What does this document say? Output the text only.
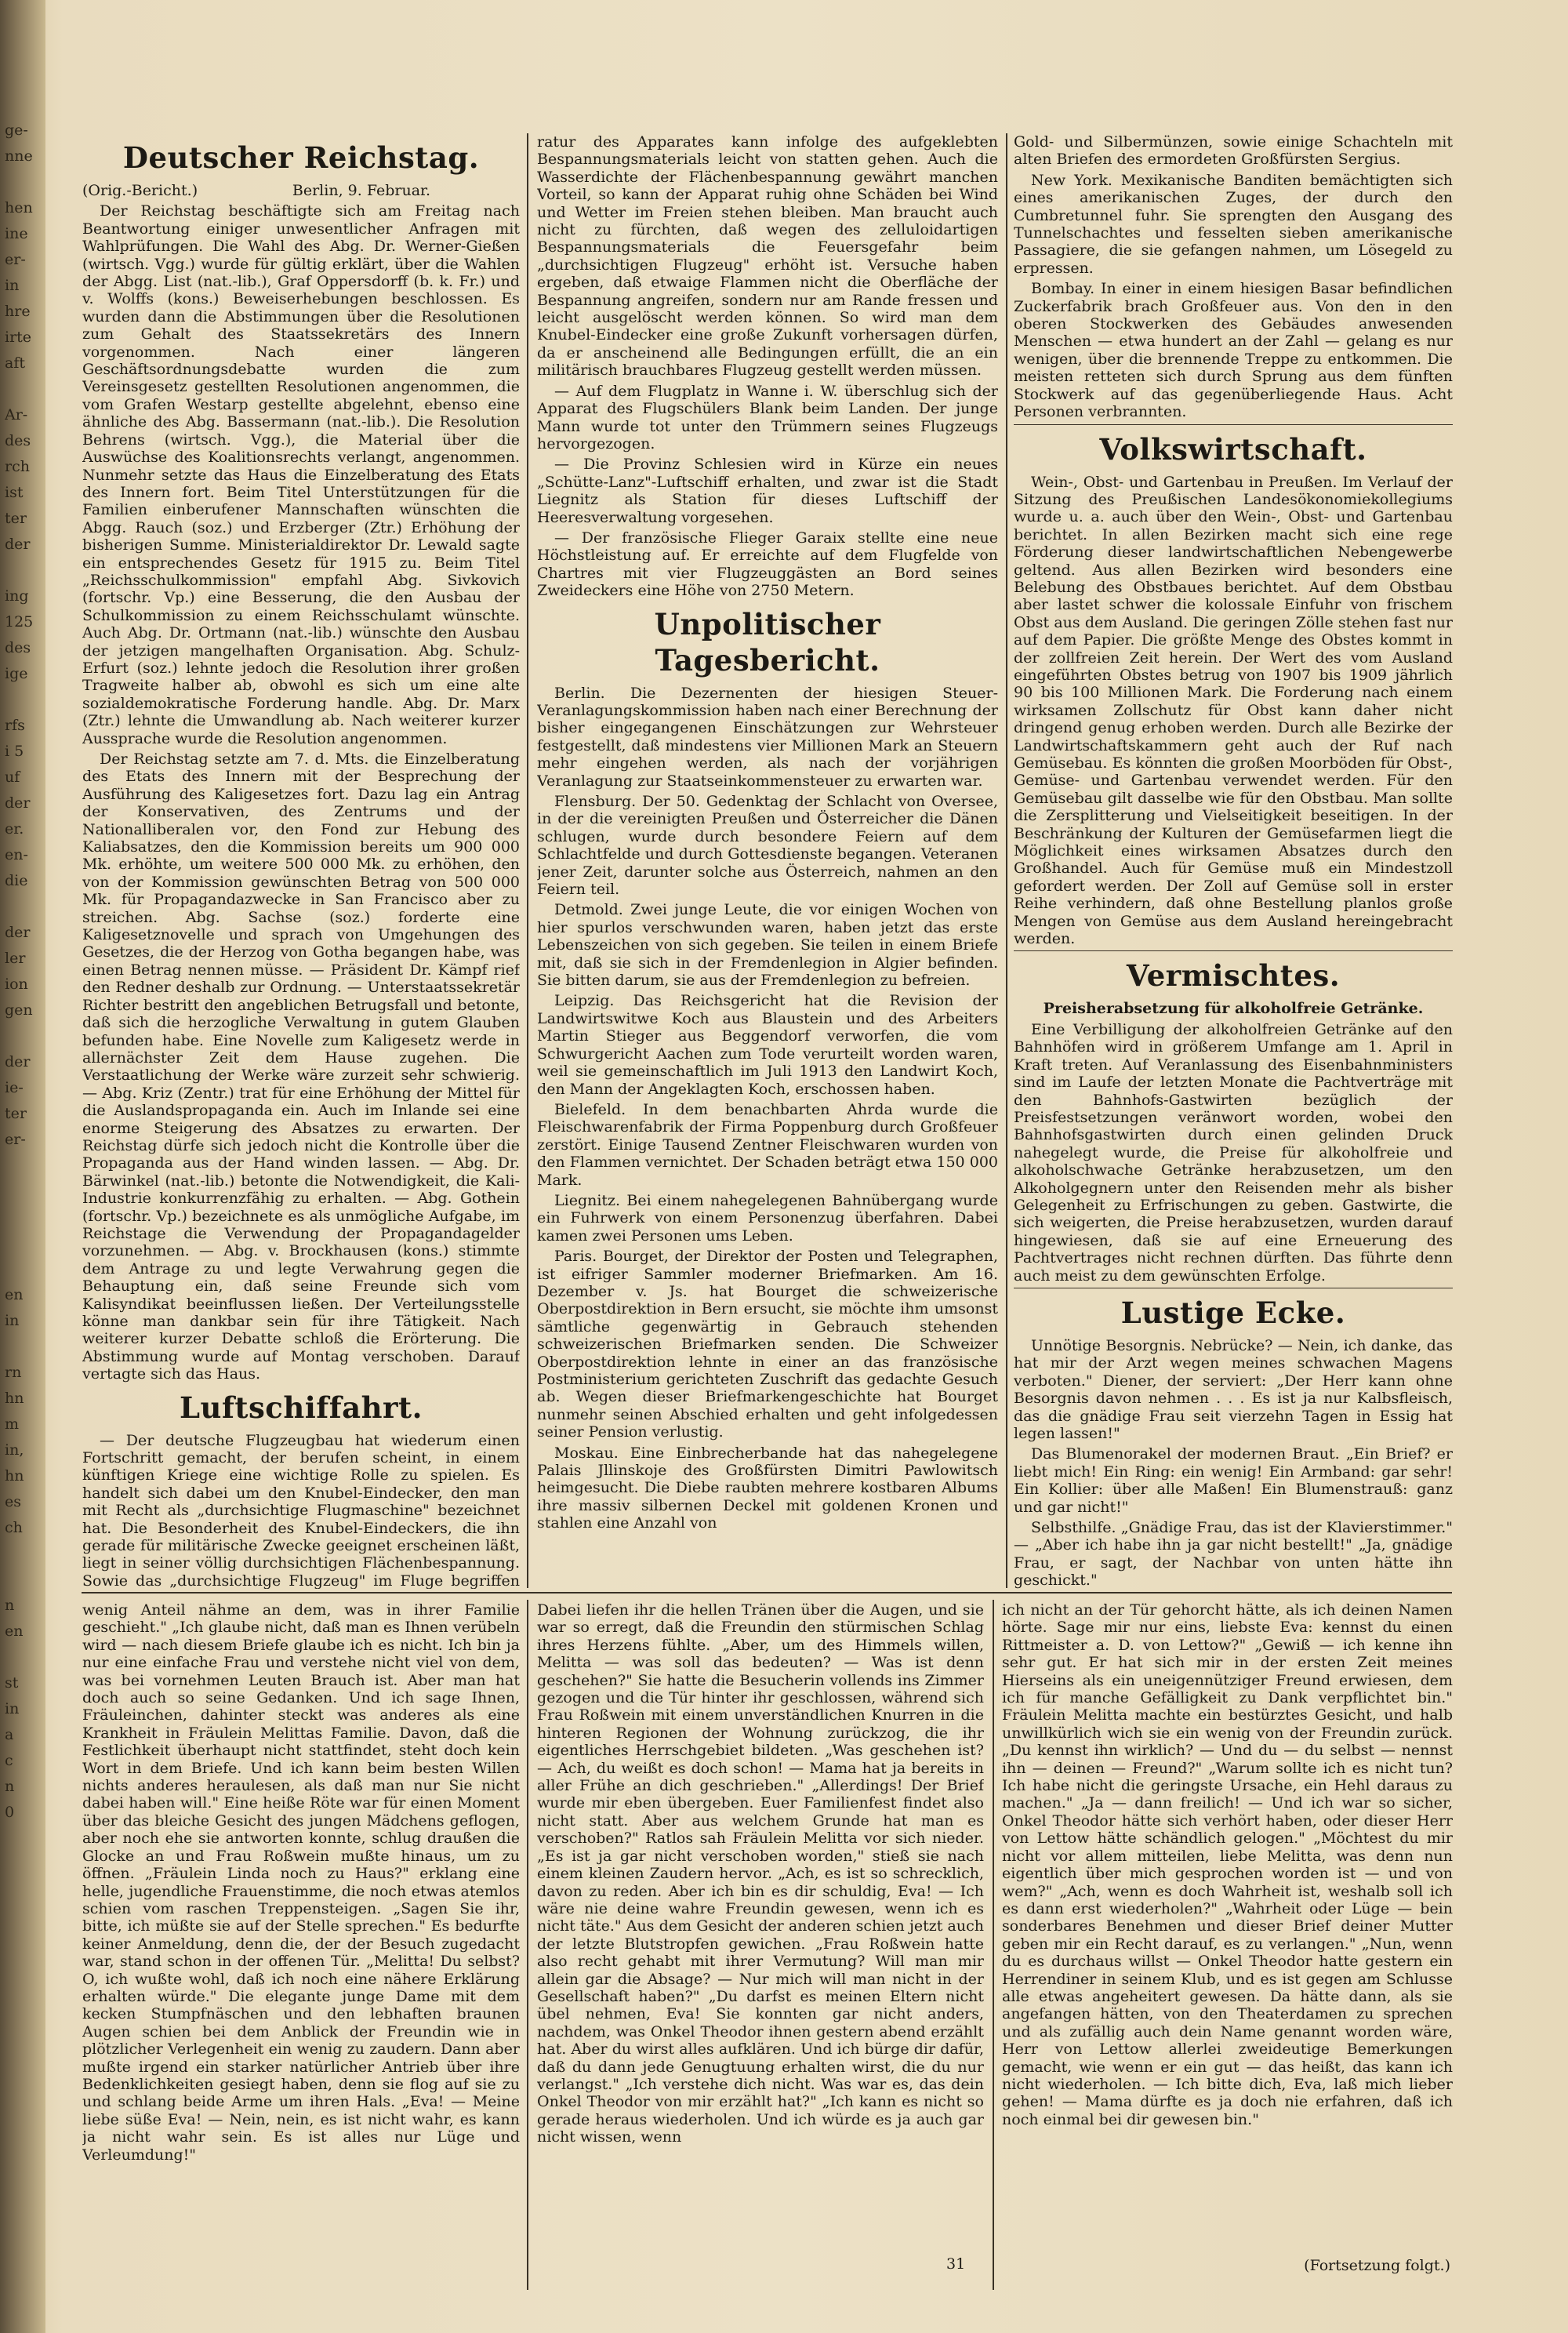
ge-
nne

hen
ine
er-
in
hre
irte
aft

Ar-
des
rch
ist
ter
der

ing
125
des
ige

rfs
i 5
uf
der
er.
en-
die

der
ler
ion
gen

der
ie-
ter
er-

en
in

rn
hn
m
in,
hn
es
ch

n
en

st
in
a
c
n
0
Deutscher Reichstag.

(Orig.-Bericht.)                    Berlin, 9. Februar.

Der Reichstag beschäftigte sich am Freitag nach Beantwortung einiger unwesentlicher Anfragen mit Wahlprüfungen. Die Wahl des Abg. Dr. Werner-Gießen (wirtsch. Vgg.) wurde für gültig erklärt, über die Wahlen der Abgg. List (nat.-lib.), Graf Oppersdorff (b. k. Fr.) und v. Wolffs (kons.) Beweiserhebungen beschlossen. Es wurden dann die Abstimmungen über die Resolutionen zum Gehalt des Staatssekretärs des Innern vorgenommen. Nach einer längeren Geschäftsordnungsdebatte wurden die zum Vereinsgesetz gestellten Resolutionen angenommen, die vom Grafen Westarp gestellte abgelehnt, ebenso eine ähnliche des Abg. Bassermann (nat.-lib.). Die Resolution Behrens (wirtsch. Vgg.), die Material über die Auswüchse des Koalitionsrechts verlangt, angenommen. Nunmehr setzte das Haus die Einzelberatung des Etats des Innern fort. Beim Titel Unterstützungen für die Familien einberufener Mannschaften wünschten die Abgg. Rauch (soz.) und Erzberger (Ztr.) Erhöhung der bisherigen Summe. Ministerialdirektor Dr. Lewald sagte ein entsprechendes Gesetz für 1915 zu. Beim Titel „Reichsschulkommission" empfahl Abg. Sivkovich (fortschr. Vp.) eine Besserung, die den Ausbau der Schulkommission zu einem Reichsschulamt wünschte. Auch Abg. Dr. Ortmann (nat.-lib.) wünschte den Ausbau der jetzigen mangelhaften Organisation. Abg. Schulz-Erfurt (soz.) lehnte jedoch die Resolution ihrer großen Tragweite halber ab, obwohl es sich um eine alte sozialdemokratische Forderung handle. Abg. Dr. Marx (Ztr.) lehnte die Umwandlung ab. Nach weiterer kurzer Aussprache wurde die Resolution angenommen.

Der Reichstag setzte am 7. d. Mts. die Einzelberatung des Etats des Innern mit der Besprechung der Ausführung des Kaligesetzes fort. Dazu lag ein Antrag der Konservativen, des Zentrums und der Nationalliberalen vor, den Fond zur Hebung des Kaliabsatzes, den die Kommission bereits um 900 000 Mk. erhöhte, um weitere 500 000 Mk. zu erhöhen, den von der Kommission gewünschten Betrag von 500 000 Mk. für Propagandazwecke in San Francisco aber zu streichen. Abg. Sachse (soz.) forderte eine Kaligesetznovelle und sprach von Umgehungen des Gesetzes, die der Herzog von Gotha begangen habe, was einen Betrag nennen müsse. — Präsident Dr. Kämpf rief den Redner deshalb zur Ordnung. — Unterstaatssekretär Richter bestritt den angeblichen Betrugsfall und betonte, daß sich die herzogliche Verwaltung in gutem Glauben befunden habe. Eine Novelle zum Kaligesetz werde in allernächster Zeit dem Hause zugehen. Die Verstaatlichung der Werke wäre zurzeit sehr schwierig. — Abg. Kriz (Zentr.) trat für eine Erhöhung der Mittel für die Auslandspropaganda ein. Auch im Inlande sei eine enorme Steigerung des Absatzes zu erwarten. Der Reichstag dürfe sich jedoch nicht die Kontrolle über die Propaganda aus der Hand winden lassen. — Abg. Dr. Bärwinkel (nat.-lib.) betonte die Notwendigkeit, die Kali-Industrie konkurrenzfähig zu erhalten. — Abg. Gothein (fortschr. Vp.) bezeichnete es als unmögliche Aufgabe, im Reichstage die Verwendung der Propagandagelder vorzunehmen. — Abg. v. Brockhausen (kons.) stimmte dem Antrage zu und legte Verwahrung gegen die Behauptung ein, daß seine Freunde sich vom Kalisyndikat beeinflussen ließen. Der Verteilungsstelle könne man dankbar sein für ihre Tätigkeit. Nach weiterer kurzer Debatte schloß die Erörterung. Die Abstimmung wurde auf Montag verschoben. Darauf vertagte sich das Haus.

Luftschiffahrt.

— Der deutsche Flugzeugbau hat wiederum einen Fortschritt gemacht, der berufen scheint, in einem künftigen Kriege eine wichtige Rolle zu spielen. Es handelt sich dabei um den Knubel-Eindecker, den man mit Recht als „durchsichtige Flugmaschine" bezeichnet hat. Die Besonderheit des Knubel-Eindeckers, die ihn gerade für militärische Zwecke geeignet erscheinen läßt, liegt in seiner völlig durchsichtigen Flächenbespannung. Sowie das „durchsichtige Flugzeug" im Fluge begriffen

ratur des Apparates kann infolge des aufgeklebten Bespannungsmaterials leicht von statten gehen. Auch die Wasserdichte der Flächenbespannung gewährt manchen Vorteil, so kann der Apparat ruhig ohne Schäden bei Wind und Wetter im Freien stehen bleiben. Man braucht auch nicht zu fürchten, daß wegen des zelluloidartigen Bespannungsmaterials die Feuersgefahr beim „durchsichtigen Flugzeug" erhöht ist. Versuche haben ergeben, daß etwaige Flammen nicht die Oberfläche der Bespannung angreifen, sondern nur am Rande fressen und leicht ausgelöscht werden können. So wird man dem Knubel-Eindecker eine große Zukunft vorhersagen dürfen, da er anscheinend alle Bedingungen erfüllt, die an ein militärisch brauchbares Flugzeug gestellt werden müssen.

— Auf dem Flugplatz in Wanne i. W. überschlug sich der Apparat des Flugschülers Blank beim Landen. Der junge Mann wurde tot unter den Trümmern seines Flugzeugs hervorgezogen.

— Die Provinz Schlesien wird in Kürze ein neues „Schütte-Lanz"-Luftschiff erhalten, und zwar ist die Stadt Liegnitz als Station für dieses Luftschiff der Heeresverwaltung vorgesehen.

— Der französische Flieger Garaix stellte eine neue Höchstleistung auf. Er erreichte auf dem Flugfelde von Chartres mit vier Flugzeuggästen an Bord seines Zweideckers eine Höhe von 2750 Metern.

Unpolitischer Tagesbericht.

Berlin. Die Dezernenten der hiesigen Steuer-Veranlagungskommission haben nach einer Berechnung der bisher eingegangenen Einschätzungen zur Wehrsteuer festgestellt, daß mindestens vier Millionen Mark an Steuern mehr eingehen werden, als nach der vorjährigen Veranlagung zur Staatseinkommensteuer zu erwarten war.

Flensburg. Der 50. Gedenktag der Schlacht von Oversee, in der die vereinigten Preußen und Österreicher die Dänen schlugen, wurde durch besondere Feiern auf dem Schlachtfelde und durch Gottesdienste begangen. Veteranen jener Zeit, darunter solche aus Österreich, nahmen an den Feiern teil.

Detmold. Zwei junge Leute, die vor einigen Wochen von hier spurlos verschwunden waren, haben jetzt das erste Lebenszeichen von sich gegeben. Sie teilen in einem Briefe mit, daß sie sich in der Fremdenlegion in Algier befinden. Sie bitten darum, sie aus der Fremdenlegion zu befreien.

Leipzig. Das Reichsgericht hat die Revision der Landwirtswitwe Koch aus Blaustein und des Arbeiters Martin Stieger aus Beggendorf verworfen, die vom Schwurgericht Aachen zum Tode verurteilt worden waren, weil sie gemeinschaftlich im Juli 1913 den Landwirt Koch, den Mann der Angeklagten Koch, erschossen haben.

Bielefeld. In dem benachbarten Ahrda wurde die Fleischwarenfabrik der Firma Poppenburg durch Großfeuer zerstört. Einige Tausend Zentner Fleischwaren wurden von den Flammen vernichtet. Der Schaden beträgt etwa 150 000 Mark.

Liegnitz. Bei einem nahegelegenen Bahnübergang wurde ein Fuhrwerk von einem Personenzug überfahren. Dabei kamen zwei Personen ums Leben.

Paris. Bourget, der Direktor der Posten und Telegraphen, ist eifriger Sammler moderner Briefmarken. Am 16. Dezember v. Js. hat Bourget die schweizerische Oberpostdirektion in Bern ersucht, sie möchte ihm umsonst sämtliche gegenwärtig in Gebrauch stehenden schweizerischen Briefmarken senden. Die Schweizer Oberpostdirektion lehnte in einer an das französische Postministerium gerichteten Zuschrift das gedachte Gesuch ab. Wegen dieser Briefmarkengeschichte hat Bourget nunmehr seinen Abschied erhalten und geht infolgedessen seiner Pension verlustig.

Moskau. Eine Einbrecherbande hat das nahegelegene Palais Jllinskoje des Großfürsten Dimitri Pawlowitsch heimgesucht. Die Diebe raubten mehrere kostbaren Albums ihre massiv silbernen Deckel mit goldenen Kronen und stahlen eine Anzahl von

Gold- und Silbermünzen, sowie einige Schachteln mit alten Briefen des ermordeten Großfürsten Sergius.

New York. Mexikanische Banditen bemächtigten sich eines amerikanischen Zuges, der durch den Cumbretunnel fuhr. Sie sprengten den Ausgang des Tunnelschachtes und fesselten sieben amerikanische Passagiere, die sie gefangen nahmen, um Lösegeld zu erpressen.

Bombay. In einer in einem hiesigen Basar befindlichen Zuckerfabrik brach Großfeuer aus. Von den in den oberen Stockwerken des Gebäudes anwesenden Menschen — etwa hundert an der Zahl — gelang es nur wenigen, über die brennende Treppe zu entkommen. Die meisten retteten sich durch Sprung aus dem fünften Stockwerk auf das gegenüberliegende Haus. Acht Personen verbrannten.

Volkswirtschaft.

Wein-, Obst- und Gartenbau in Preußen. Im Verlauf der Sitzung des Preußischen Landesökonomiekollegiums wurde u. a. auch über den Wein-, Obst- und Gartenbau berichtet. In allen Bezirken macht sich eine rege Förderung dieser landwirtschaftlichen Nebengewerbe geltend. Aus allen Bezirken wird besonders eine Belebung des Obstbaues berichtet. Auf dem Obstbau aber lastet schwer die kolossale Einfuhr von frischem Obst aus dem Ausland. Die geringen Zölle stehen fast nur auf dem Papier. Die größte Menge des Obstes kommt in der zollfreien Zeit herein. Der Wert des vom Ausland eingeführten Obstes betrug von 1907 bis 1909 jährlich 90 bis 100 Millionen Mark. Die Forderung nach einem wirksamen Zollschutz für Obst kann daher nicht dringend genug erhoben werden. Durch alle Bezirke der Landwirtschaftskammern geht auch der Ruf nach Gemüsebau. Es könnten die großen Moorböden für Obst-, Gemüse- und Gartenbau verwendet werden. Für den Gemüsebau gilt dasselbe wie für den Obstbau. Man sollte die Zersplitterung und Vielseitigkeit beseitigen. In der Beschränkung der Kulturen der Gemüsefarmen liegt die Möglichkeit eines wirksamen Absatzes durch den Großhandel. Auch für Gemüse muß ein Mindestzoll gefordert werden. Der Zoll auf Gemüse soll in erster Reihe verhindern, daß ohne Bestellung planlos große Mengen von Gemüse aus dem Ausland hereingebracht werden.

Vermischtes.

Preisherabsetzung für alkoholfreie Getränke.

Eine Verbilligung der alkoholfreien Getränke auf den Bahnhöfen wird in größerem Umfange am 1. April in Kraft treten. Auf Veranlassung des Eisenbahnministers sind im Laufe der letzten Monate die Pachtverträge mit den Bahnhofs-Gastwirten bezüglich der Preisfestsetzungen veränwort worden, wobei den Bahnhofsgastwirten durch einen gelinden Druck nahegelegt wurde, die Preise für alkoholfreie und alkoholschwache Getränke herabzusetzen, um den Alkoholgegnern unter den Reisenden mehr als bisher Gelegenheit zu Erfrischungen zu geben. Gastwirte, die sich weigerten, die Preise herabzusetzen, wurden darauf hingewiesen, daß sie auf eine Erneuerung des Pachtvertrages nicht rechnen dürften. Das führte denn auch meist zu dem gewünschten Erfolge.

Lustige Ecke.

Unnötige Besorgnis. Nebrücke? — Nein, ich danke, das hat mir der Arzt wegen meines schwachen Magens verboten." Diener, der serviert: „Der Herr kann ohne Besorgnis davon nehmen . . . Es ist ja nur Kalbsfleisch, das die gnädige Frau seit vierzehn Tagen in Essig hat legen lassen!"

Das Blumenorakel der modernen Braut. „Ein Brief? er liebt mich! Ein Ring: ein wenig! Ein Armband: gar sehr! Ein Kollier: über alle Maßen! Ein Blumenstrauß: ganz und gar nicht!"

Selbsthilfe. „Gnädige Frau, das ist der Klavierstimmer." — „Aber ich habe ihn ja gar nicht bestellt!" „Ja, gnädige Frau, er sagt, der Nachbar von unten hätte ihn geschickt."

wenig Anteil nähme an dem, was in ihrer Familie geschieht." „Ich glaube nicht, daß man es Ihnen verübeln wird — nach diesem Briefe glaube ich es nicht. Ich bin ja nur eine einfache Frau und verstehe nicht viel von dem, was bei vornehmen Leuten Brauch ist. Aber man hat doch auch so seine Gedanken. Und ich sage Ihnen, Fräuleinchen, dahinter steckt was anderes als eine Krankheit in Fräulein Melittas Familie. Davon, daß die Festlichkeit überhaupt nicht stattfindet, steht doch kein Wort in dem Briefe. Und ich kann beim besten Willen nichts anderes heraulesen, als daß man nur Sie nicht dabei haben will." Eine heiße Röte war für einen Moment über das bleiche Gesicht des jungen Mädchens geflogen, aber noch ehe sie antworten konnte, schlug draußen die Glocke an und Frau Roßwein mußte hinaus, um zu öffnen. „Fräulein Linda noch zu Haus?" erklang eine helle, jugendliche Frauenstimme, die noch etwas atemlos schien vom raschen Treppensteigen. „Sagen Sie ihr, bitte, ich müßte sie auf der Stelle sprechen." Es bedurfte keiner Anmeldung, denn die, der der Besuch zugedacht war, stand schon in der offenen Tür. „Melitta! Du selbst? O, ich wußte wohl, daß ich noch eine nähere Erklärung erhalten würde." Die elegante junge Dame mit dem kecken Stumpfnäschen und den lebhaften braunen Augen schien bei dem Anblick der Freundin wie in plötzlicher Verlegenheit ein wenig zu zaudern. Dann aber mußte irgend ein starker natürlicher Antrieb über ihre Bedenklichkeiten gesiegt haben, denn sie flog auf sie zu und schlang beide Arme um ihren Hals. „Eva! — Meine liebe süße Eva! — Nein, nein, es ist nicht wahr, es kann ja nicht wahr sein. Es ist alles nur Lüge und Verleumdung!"

Dabei liefen ihr die hellen Tränen über die Augen, und sie war so erregt, daß die Freundin den stürmischen Schlag ihres Herzens fühlte. „Aber, um des Himmels willen, Melitta — was soll das bedeuten? — Was ist denn geschehen?" Sie hatte die Besucherin vollends ins Zimmer gezogen und die Tür hinter ihr geschlossen, während sich Frau Roßwein mit einem unverständlichen Knurren in die hinteren Regionen der Wohnung zurückzog, die ihr eigentliches Herrschgebiet bildeten. „Was geschehen ist? — Ach, du weißt es doch schon! — Mama hat ja bereits in aller Frühe an dich geschrieben." „Allerdings! Der Brief wurde mir eben übergeben. Euer Familienfest findet also nicht statt. Aber aus welchem Grunde hat man es verschoben?" Ratlos sah Fräulein Melitta vor sich nieder. „Es ist ja gar nicht verschoben worden," stieß sie nach einem kleinen Zaudern hervor. „Ach, es ist so schrecklich, davon zu reden. Aber ich bin es dir schuldig, Eva! — Ich wäre nie deine wahre Freundin gewesen, wenn ich es nicht täte." Aus dem Gesicht der anderen schien jetzt auch der letzte Blutstropfen gewichen. „Frau Roßwein hatte also recht gehabt mit ihrer Vermutung? Will man mir allein gar die Absage? — Nur mich will man nicht in der Gesellschaft haben?" „Du darfst es meinen Eltern nicht übel nehmen, Eva! Sie konnten gar nicht anders, nachdem, was Onkel Theodor ihnen gestern abend erzählt hat. Aber du wirst alles aufklären. Und ich bürge dir dafür, daß du dann jede Genugtuung erhalten wirst, die du nur verlangst." „Ich verstehe dich nicht. Was war es, das dein Onkel Theodor von mir erzählt hat?" „Ich kann es nicht so gerade heraus wiederholen. Und ich würde es ja auch gar nicht wissen, wenn

ich nicht an der Tür gehorcht hätte, als ich deinen Namen hörte. Sage mir nur eins, liebste Eva: kennst du einen Rittmeister a. D. von Lettow?" „Gewiß — ich kenne ihn sehr gut. Er hat sich mir in der ersten Zeit meines Hierseins als ein uneigennütziger Freund erwiesen, dem ich für manche Gefälligkeit zu Dank verpflichtet bin." Fräulein Melitta machte ein bestürztes Gesicht, und halb unwillkürlich wich sie ein wenig von der Freundin zurück. „Du kennst ihn wirklich? — Und du — du selbst — nennst ihn — deinen — Freund?" „Warum sollte ich es nicht tun? Ich habe nicht die geringste Ursache, ein Hehl daraus zu machen." „Ja — dann freilich! — Und ich war so sicher, Onkel Theodor hätte sich verhört haben, oder dieser Herr von Lettow hätte schändlich gelogen." „Möchtest du mir nicht vor allem mitteilen, liebe Melitta, was denn nun eigentlich über mich gesprochen worden ist — und von wem?" „Ach, wenn es doch Wahrheit ist, weshalb soll ich es dann erst wiederholen?" „Wahrheit oder Lüge — bein sonderbares Benehmen und dieser Brief deiner Mutter geben mir ein Recht darauf, es zu verlangen." „Nun, wenn du es durchaus willst — Onkel Theodor hatte gestern ein Herrendiner in seinem Klub, und es ist gegen am Schlusse alle etwas angeheitert gewesen. Da hätte dann, als sie angefangen hätten, von den Theaterdamen zu sprechen und als zufällig auch dein Name genannt worden wäre, Herr von Lettow allerlei zweideutige Bemerkungen gemacht, wie wenn er ein gut — das heißt, das kann ich nicht wiederholen. — Ich bitte dich, Eva, laß mich lieber gehen! — Mama dürfte es ja doch nie erfahren, daß ich noch einmal bei dir gewesen bin."

(Fortsetzung folgt.)
31
